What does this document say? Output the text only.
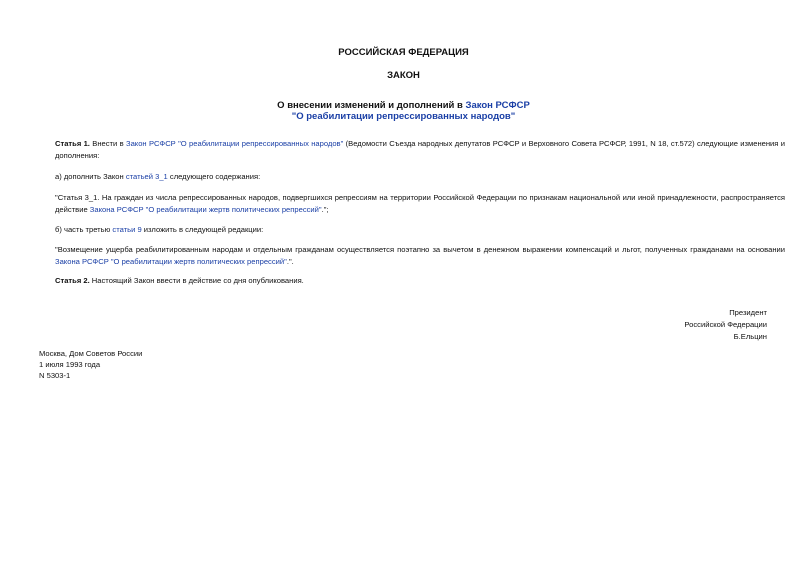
РОССИЙСКАЯ ФЕДЕРАЦИЯ
ЗАКОН
О внесении изменений и дополнений в Закон РСФСР
"О реабилитации репрессированных народов"
Статья 1. Внести в Закон РСФСР "О реабилитации репрессированных народов" (Ведомости Съезда народных депутатов РСФСР и Верховного Совета РСФСР, 1991, N 18, ст.572) следующие изменения и дополнения:
а) дополнить Закон статьей 3_1 следующего содержания:
"Статья 3_1. На граждан из числа репрессированных народов, подвергшихся репрессиям на территории Российской Федерации по признакам национальной или иной принадлежности, распространяется действие Закона РСФСР "О реабилитации жертв политических репрессий".";
б) часть третью статьи 9 изложить в следующей редакции:
"Возмещение ущерба реабилитированным народам и отдельным гражданам осуществляется поэтапно за вычетом в денежном выражении компенсаций и льгот, полученных гражданами на основании Закона РСФСР "О реабилитации жертв политических репрессий".".
Статья 2. Настоящий Закон ввести в действие со дня опубликования.
Президент
Российской Федерации
Б.Ельцин
Москва, Дом Советов России
1 июля 1993 года
N 5303-1
